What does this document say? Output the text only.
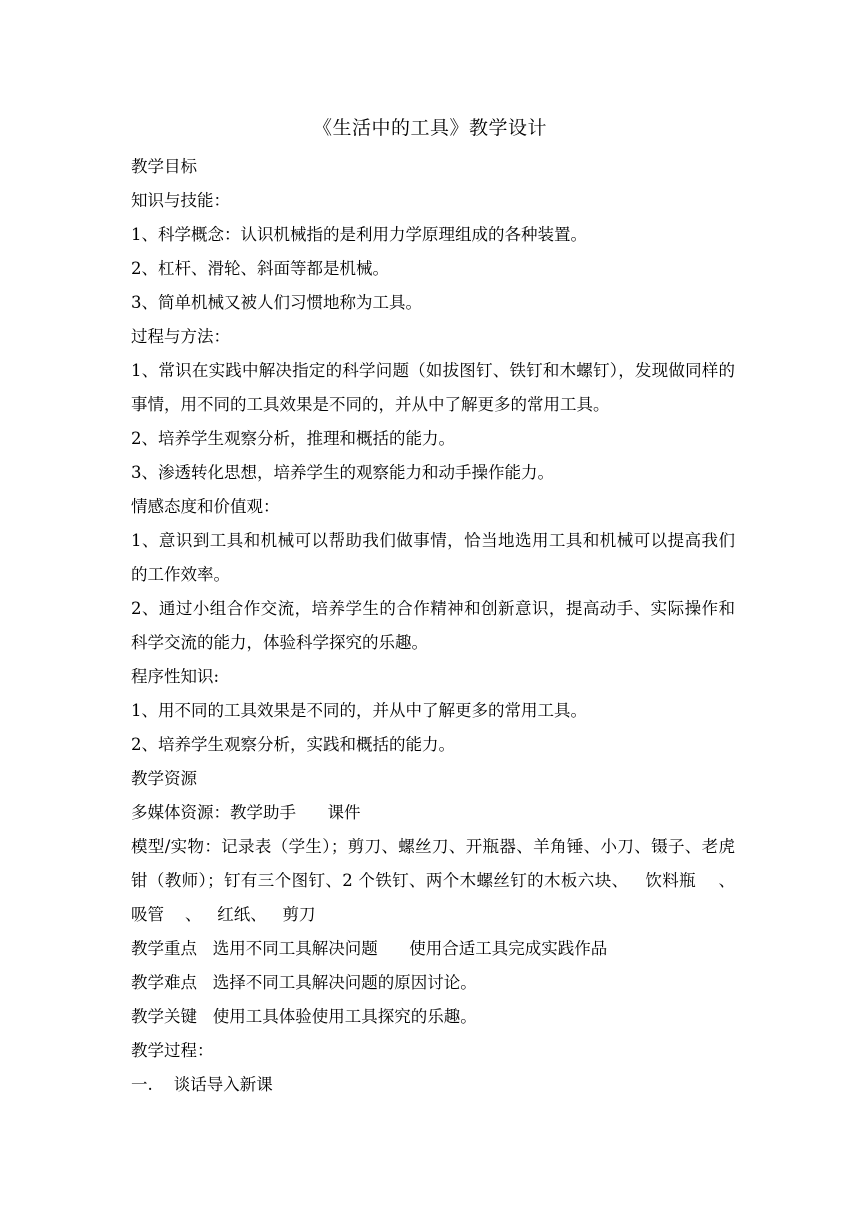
《生活中的工具》教学设计

教学目标

知识与技能：

1、科学概念：认识机械指的是利用力学原理组成的各种装置。

2、杠杆、滑轮、斜面等都是机械。

3、简单机械又被人们习惯地称为工具。

过程与方法：

1、常识在实践中解决指定的科学问题（如拔图钉、铁钉和木螺钉），发现做同样的事情，用不同的工具效果是不同的，并从中了解更多的常用工具。

2、培养学生观察分析，推理和概括的能力。

3、渗透转化思想，培养学生的观察能力和动手操作能力。

情感态度和价值观：

1、意识到工具和机械可以帮助我们做事情，恰当地选用工具和机械可以提高我们的工作效率。

2、通过小组合作交流，培养学生的合作精神和创新意识，提高动手、实际操作和科学交流的能力，体验科学探究的乐趣。

程序性知识:

1、用不同的工具效果是不同的，并从中了解更多的常用工具。

2、培养学生观察分析，实践和概括的能力。

教学资源

多媒体资源：教学助手      课件

模型/实物：记录表（学生）；剪刀、螺丝刀、开瓶器、羊角锤、小刀、镊子、老虎钳（教师）；钉有三个图钉、2 个铁钉、两个木螺丝钉的木板六块、   饮料瓶    、吸管    、   红纸、   剪刀

教学重点   选用不同工具解决问题      使用合适工具完成实践作品

教学难点   选择不同工具解决问题的原因讨论。

教学关键   使用工具体验使用工具探究的乐趣。

教学过程：

一.    谈话导入新课
